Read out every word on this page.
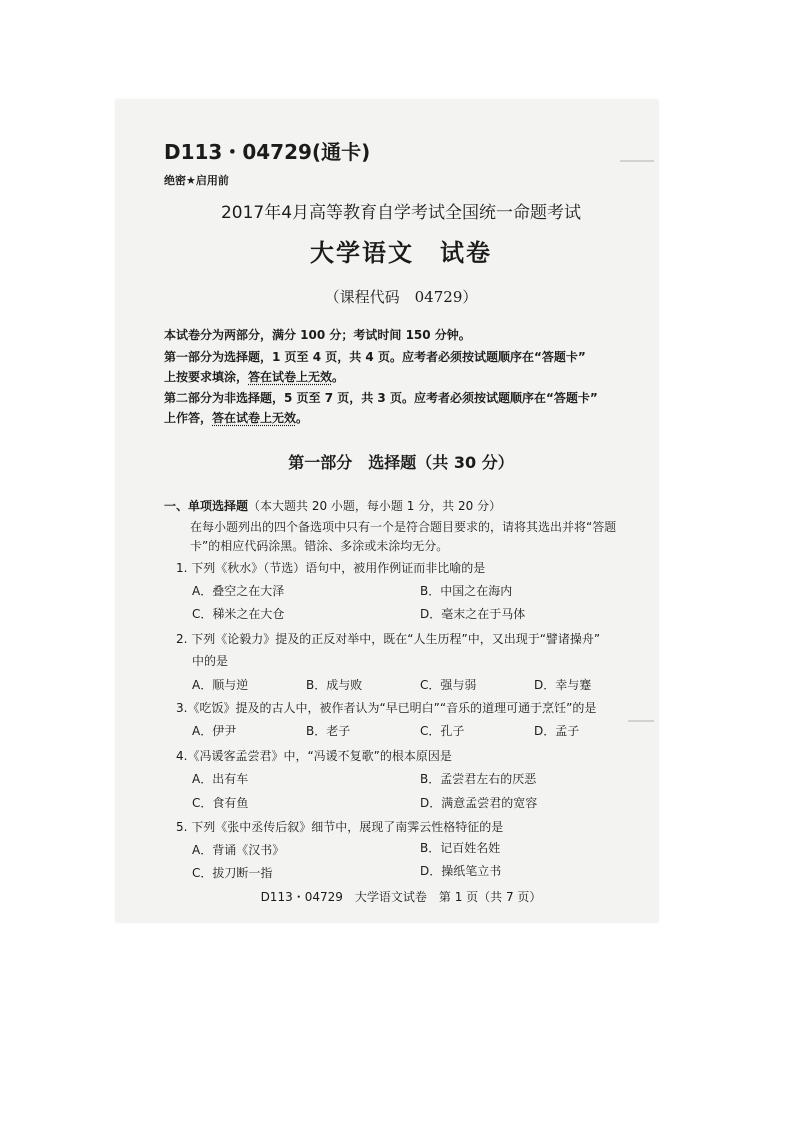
D113・04729(通卡)
绝密★启用前
2017年4月高等教育自学考试全国统一命题考试
大学语文　试卷
（课程代码　04729）
本试卷分为两部分，满分 100 分；考试时间 150 分钟。
第一部分为选择题，1 页至 4 页，共 4 页。应考者必须按试题顺序在“答题卡”
上按要求填涂，答在试卷上无效。
第二部分为非选择题，5 页至 7 页，共 3 页。应考者必须按试题顺序在“答题卡”
上作答，答在试卷上无效。
第一部分　选择题（共 30 分）
一、单项选择题（本大题共 20 小题，每小题 1 分，共 20 分）
在每小题列出的四个备选项中只有一个是符合题目要求的，请将其选出并将“答题
卡”的相应代码涂黑。错涂、多涂或未涂均无分。
1. 下列《秋水》（节选）语句中，被用作例证而非比喻的是
A．叠空之在大泽	B．中国之在海内
C．稊米之在大仓	D．毫末之在于马体
2. 下列《论毅力》提及的正反对举中，既在“人生历程”中，又出现于“譬诸操舟”
中的是
A．顺与逆	B．成与败	C．强与弱	D．幸与蹇
3.《吃饭》提及的古人中，被作者认为“早已明白”“音乐的道理可通于烹饪”的是
A．伊尹	B．老子	C．孔子	D．孟子
4.《冯谖客孟尝君》中，“冯谖不复歌”的根本原因是
A．出有车	B．孟尝君左右的厌恶
C．食有鱼	D．满意孟尝君的宽容
5. 下列《张中丞传后叙》细节中，展现了南霁云性格特征的是
A．背诵《汉书》	B．记百姓名姓
C．拔刀断一指	D．操纸笔立书
D113・04729　大学语文试卷　第 1 页（共 7 页）
